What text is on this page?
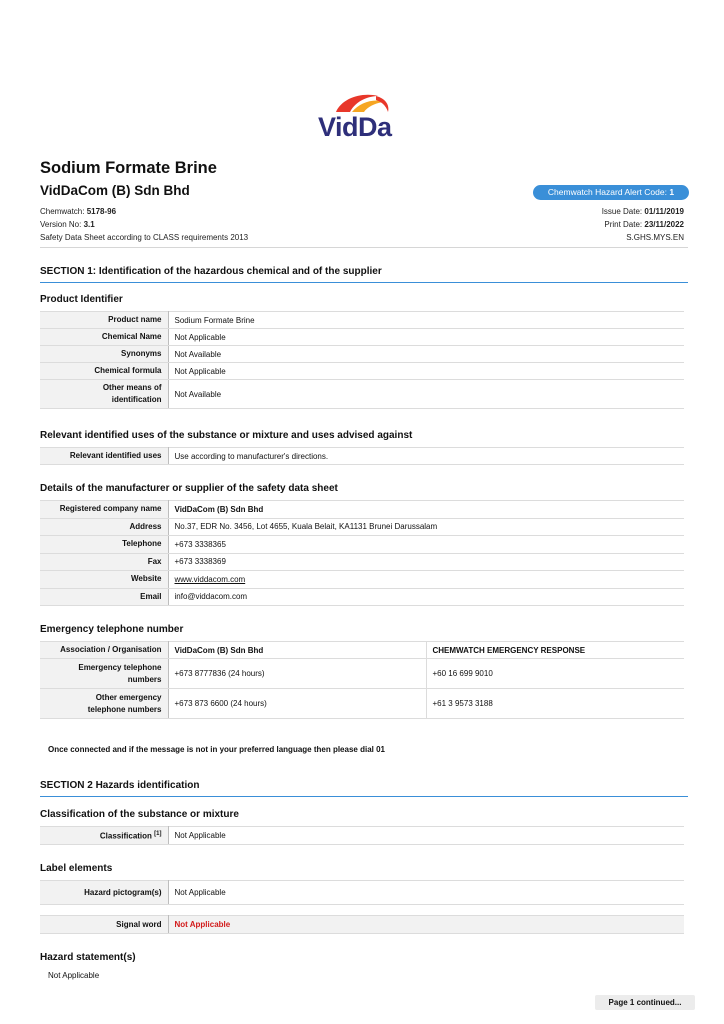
VidDa
Sodium Formate Brine
VidDaCom (B) Sdn Bhd	Chemwatch Hazard Alert Code: 1
Chemwatch: 5178-96
Version No: 3.1
Safety Data Sheet according to CLASS requirements 2013
Issue Date: 01/11/2019
Print Date: 23/11/2022
S.GHS.MYS.EN
SECTION 1: Identification of the hazardous chemical and of the supplier
Product Identifier
Product name	Sodium Formate Brine
Chemical Name	Not Applicable
Synonyms	Not Available
Chemical formula	Not Applicable
Other means of identification	Not Available
Relevant identified uses of the substance or mixture and uses advised against
Relevant identified uses	Use according to manufacturer's directions.
Details of the manufacturer or supplier of the safety data sheet
Registered company name	VidDaCom (B) Sdn Bhd
Address	No.37, EDR No. 3456, Lot 4655, Kuala Belait, KA1131 Brunei Darussalam
Telephone	+673 3338365
Fax	+673 3338369
Website	www.viddacom.com
Email	info@viddacom.com
Emergency telephone number
Association / Organisation	VidDaCom (B) Sdn Bhd	CHEMWATCH EMERGENCY RESPONSE
Emergency telephone numbers	+673 8777836 (24 hours)	+60 16 699 9010
Other emergency telephone numbers	+673 873 6600 (24 hours)	+61 3 9573 3188
Once connected and if the message is not in your preferred language then please dial 01
SECTION 2 Hazards identification
Classification of the substance or mixture
Classification [1]	Not Applicable
Label elements
Hazard pictogram(s)	Not Applicable
Signal word	Not Applicable
Hazard statement(s)
Not Applicable
Page 1 continued...
